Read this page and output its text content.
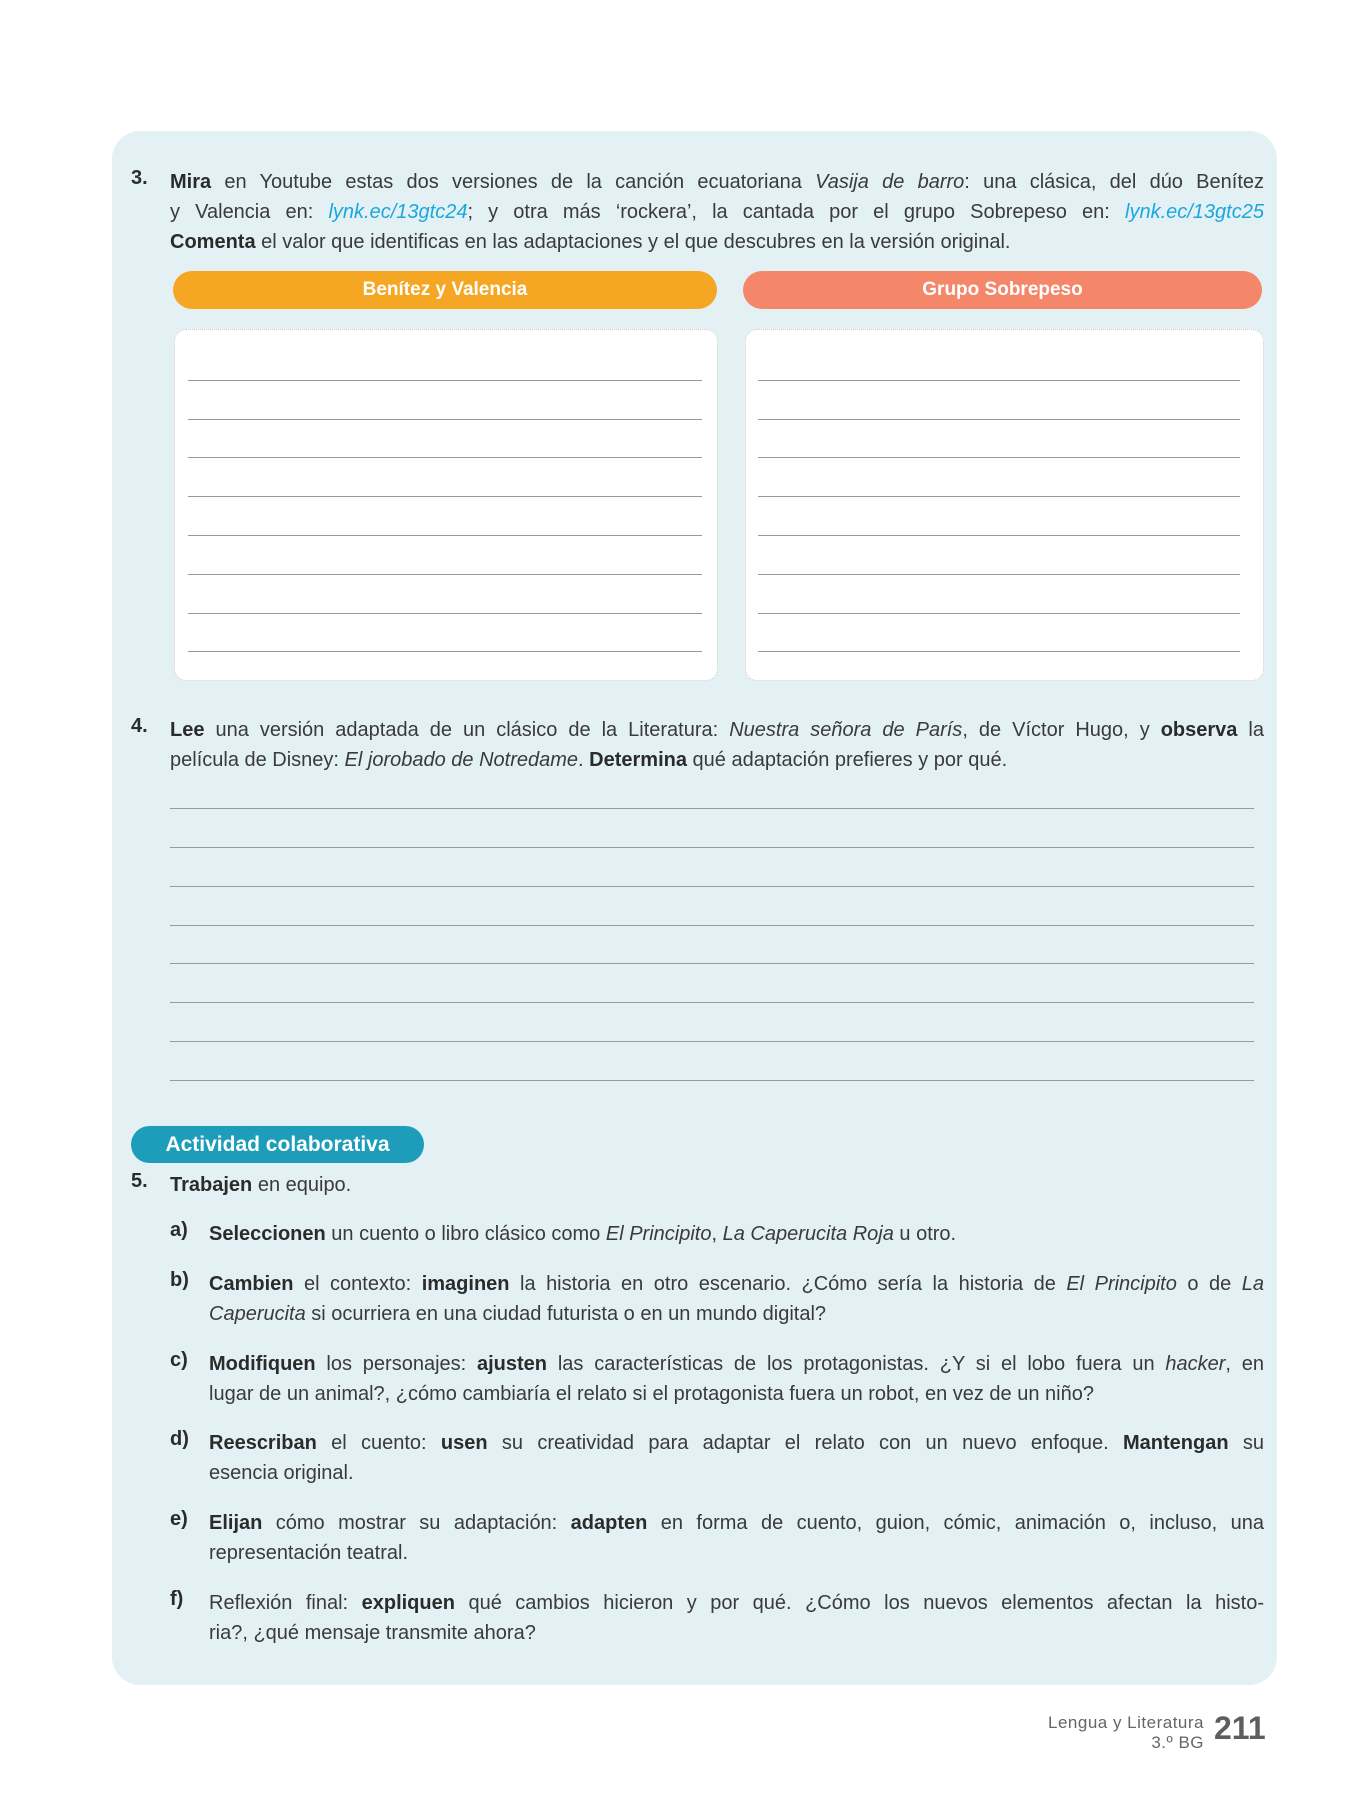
3. Mira en Youtube estas dos versiones de la canción ecuatoriana Vasija de barro: una clásica, del dúo Benítez
y Valencia en: lynk.ec/13gtc24; y otra más ‘rockera’, la cantada por el grupo Sobrepeso en: lynk.ec/13gtc25
Comenta el valor que identificas en las adaptaciones y el que descubres en la versión original.
Benítez y Valencia	Grupo Sobrepeso
4. Lee una versión adaptada de un clásico de la Literatura: Nuestra señora de París, de Víctor Hugo, y observa la
película de Disney: El jorobado de Notredame. Determina qué adaptación prefieres y por qué.
Actividad colaborativa
5. Trabajen en equipo.
a) Seleccionen un cuento o libro clásico como El Principito, La Caperucita Roja u otro.
b) Cambien el contexto: imaginen la historia en otro escenario. ¿Cómo sería la historia de El Principito o de La
Caperucita si ocurriera en una ciudad futurista o en un mundo digital?
c) Modifiquen los personajes: ajusten las características de los protagonistas. ¿Y si el lobo fuera un hacker, en
lugar de un animal?, ¿cómo cambiaría el relato si el protagonista fuera un robot, en vez de un niño?
d) Reescriban el cuento: usen su creatividad para adaptar el relato con un nuevo enfoque. Mantengan su
esencia original.
e) Elijan cómo mostrar su adaptación: adapten en forma de cuento, guion, cómic, animación o, incluso, una
representación teatral.
f) Reflexión final: expliquen qué cambios hicieron y por qué. ¿Cómo los nuevos elementos afectan la histo-
ria?, ¿qué mensaje transmite ahora?
Lengua y Literatura
3.º BG 211
